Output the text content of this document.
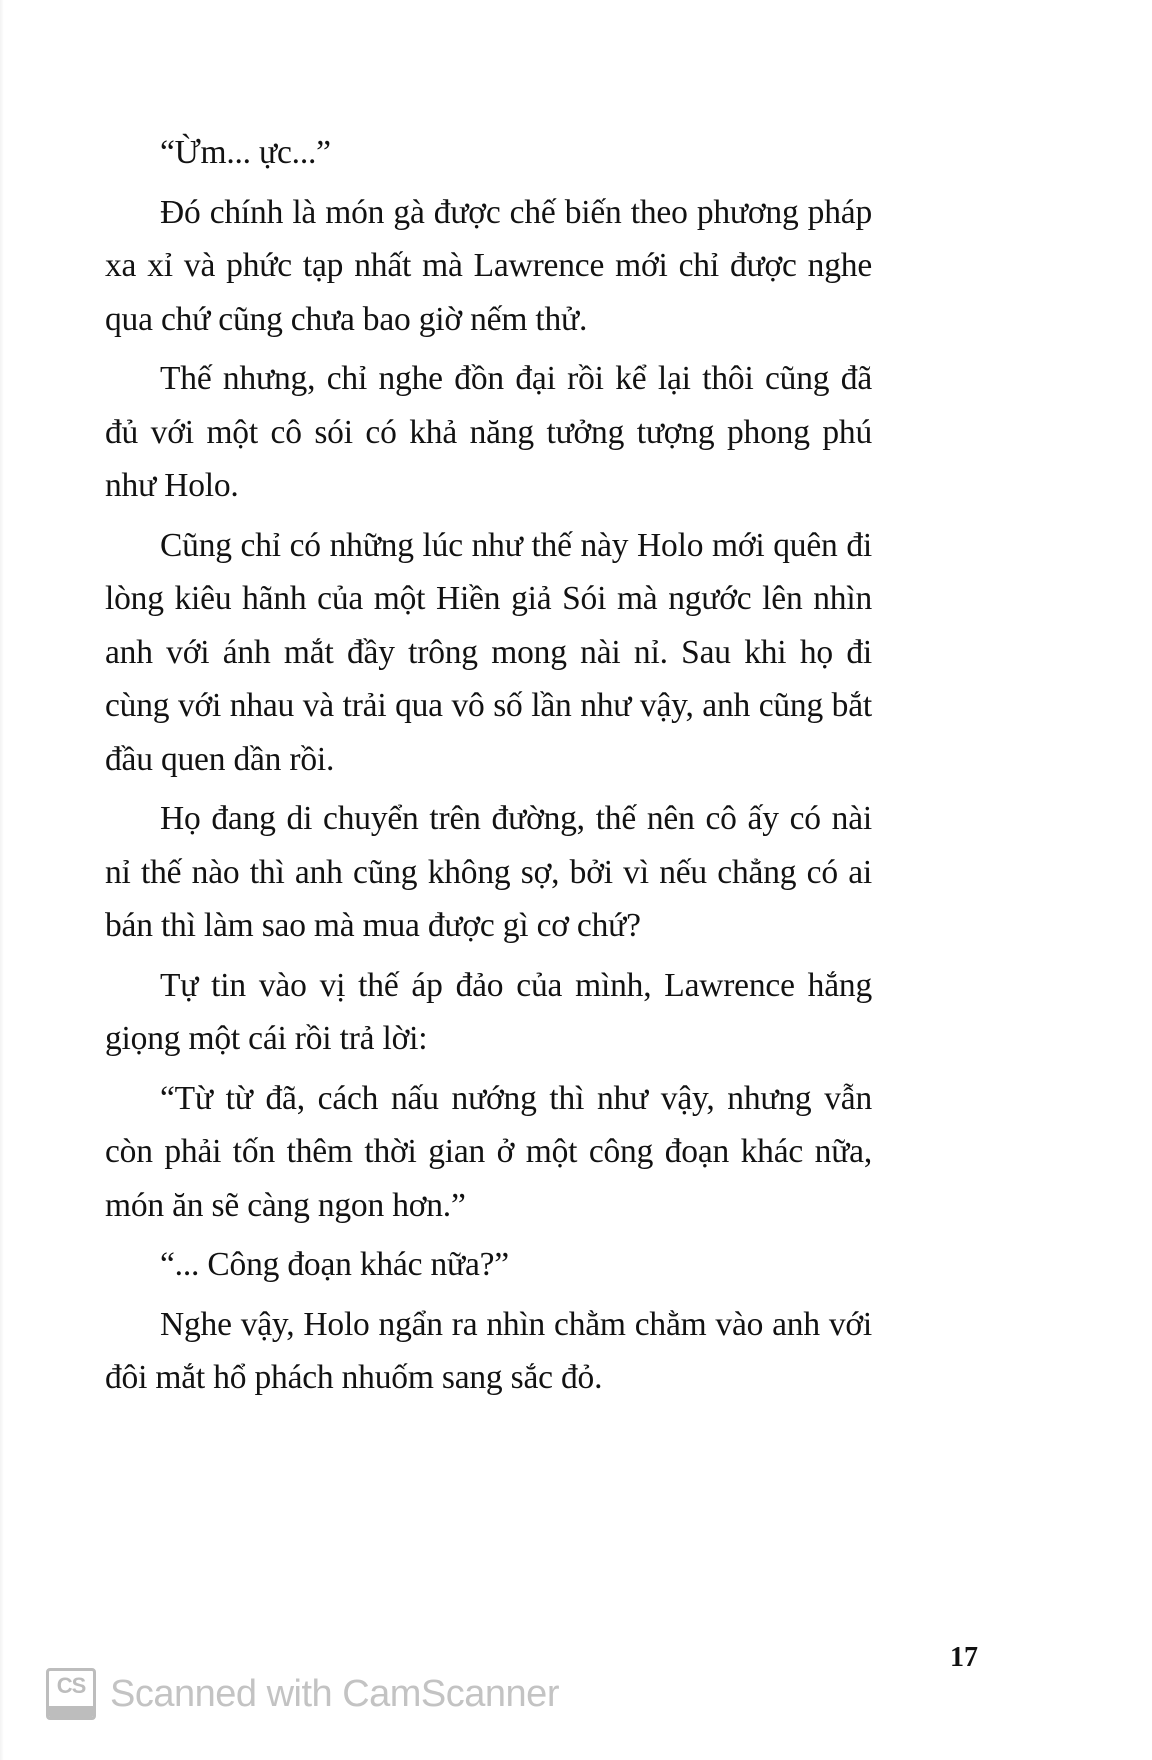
“Ừm... ực...”

Đó chính là món gà được chế biến theo phương pháp xa xỉ và phức tạp nhất mà Lawrence mới chỉ được nghe qua chứ cũng chưa bao giờ nếm thử.

Thế nhưng, chỉ nghe đồn đại rồi kể lại thôi cũng đã đủ với một cô sói có khả năng tưởng tượng phong phú như Holo.

Cũng chỉ có những lúc như thế này Holo mới quên đi lòng kiêu hãnh của một Hiền giả Sói mà ngước lên nhìn anh với ánh mắt đầy trông mong nài nỉ. Sau khi họ đi cùng với nhau và trải qua vô số lần như vậy, anh cũng bắt đầu quen dần rồi.

Họ đang di chuyển trên đường, thế nên cô ấy có nài nỉ thế nào thì anh cũng không sợ, bởi vì nếu chẳng có ai bán thì làm sao mà mua được gì cơ chứ?

Tự tin vào vị thế áp đảo của mình, Lawrence hắng giọng một cái rồi trả lời:

“Từ từ đã, cách nấu nướng thì như vậy, nhưng vẫn còn phải tốn thêm thời gian ở một công đoạn khác nữa, món ăn sẽ càng ngon hơn.”

“... Công đoạn khác nữa?”

Nghe vậy, Holo ngẩn ra nhìn chằm chằm vào anh với đôi mắt hổ phách nhuốm sang sắc đỏ.

17
CS Scanned with CamScanner
